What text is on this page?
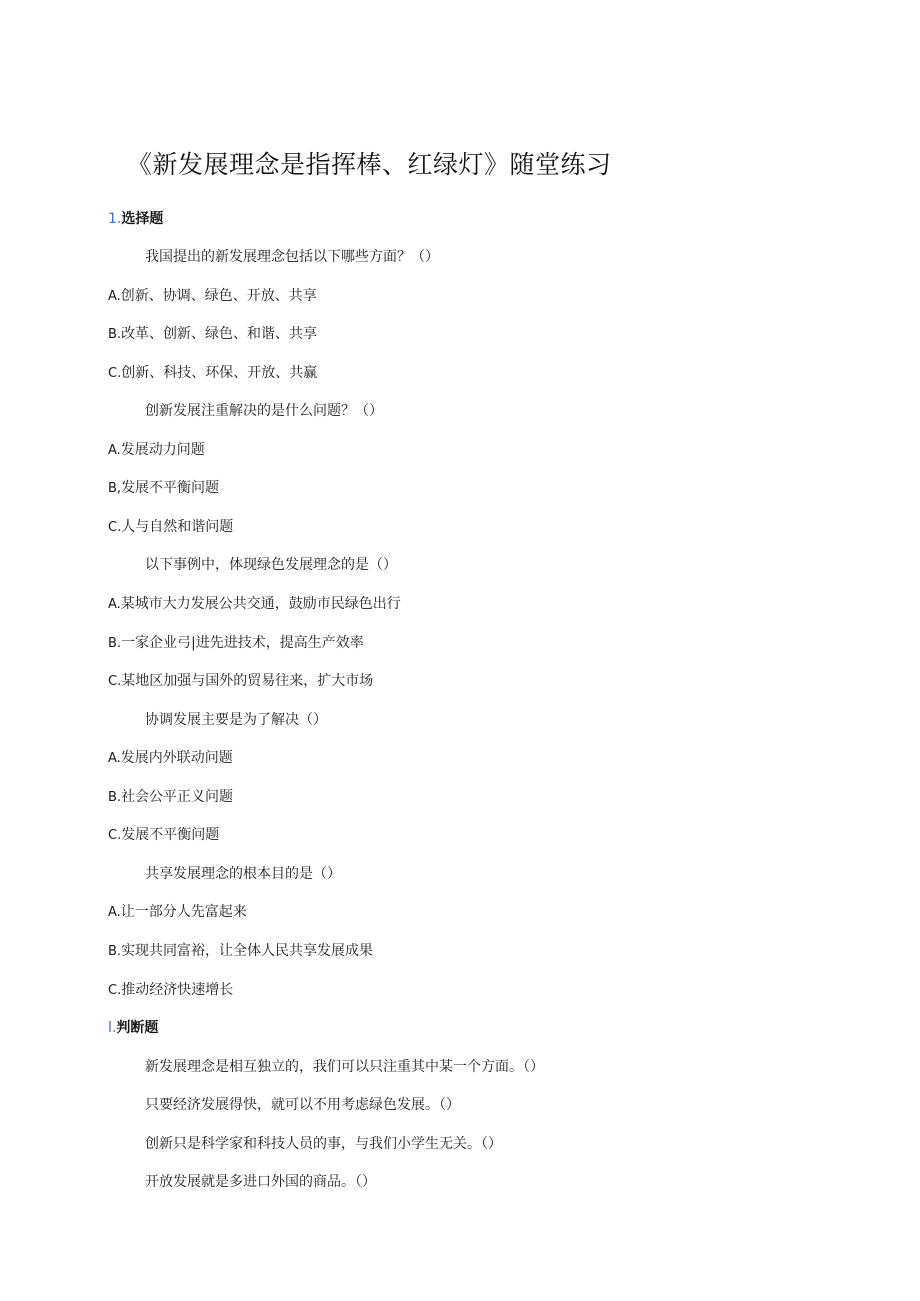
《新发展理念是指挥棒、红绿灯》随堂练习
1.选择题
我国提出的新发展理念包括以下哪些方面？（）
A.创新、协调、绿色、开放、共享
B.改革、创新、绿色、和谐、共享
C.创新、科技、环保、开放、共赢
创新发展注重解决的是什么问题？（）
A.发展动力问题
B,发展不平衡问题
C.人与自然和谐问题
以下事例中，体现绿色发展理念的是（）
A.某城市大力发展公共交通，鼓励市民绿色出行
B.一家企业弓|进先进技术，提高生产效率
C.某地区加强与国外的贸易往来，扩大市场
协调发展主要是为了解决（）
A.发展内外联动问题
B.社会公平正义问题
C.发展不平衡问题
共享发展理念的根本目的是（）
A.让一部分人先富起来
B.实现共同富裕，让全体人民共享发展成果
C.推动经济快速增长
l.判断题
新发展理念是相互独立的，我们可以只注重其中某一个方面。（）
只要经济发展得快，就可以不用考虑绿色发展。（）
创新只是科学家和科技人员的事，与我们小学生无关。（）
开放发展就是多进口外国的商品。（）
